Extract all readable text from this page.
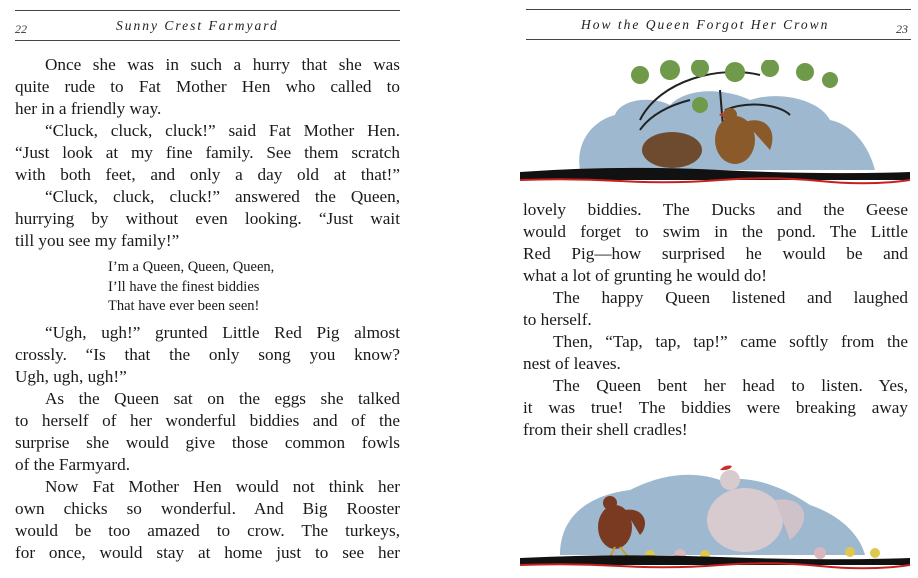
22	Sunny Crest Farmyard
Once she was in such a hurry that she was
quite rude to Fat Mother Hen who called to
her in a friendly way.
“Cluck, cluck, cluck!” said Fat Mother Hen.
“Just look at my fine family. See them scratch
with both feet, and only a day old at that!”
“Cluck, cluck, cluck!” answered the Queen,
hurrying by without even looking. “Just wait
till you see my family!”
I’m a Queen, Queen, Queen,
I’ll have the finest biddies
That have ever been seen!
“Ugh, ugh!” grunted Little Red Pig almost
crossly. “Is that the only song you know?
Ugh, ugh, ugh!”
As the Queen sat on the eggs she talked
to herself of her wonderful biddies and of the
surprise she would give those common fowls
of the Farmyard.
Now Fat Mother Hen would not think her
own chicks so wonderful. And Big Rooster
would be too amazed to crow. The turkeys,
for once, would stay at home just to see her
How the Queen Forgot Her Crown	23
lovely biddies. The Ducks and the Geese
would forget to swim in the pond. The Little
Red Pig—how surprised he would be and
what a lot of grunting he would do!
The happy Queen listened and laughed
to herself.
Then, “Tap, tap, tap!” came softly from the
nest of leaves.
The Queen bent her head to listen. Yes,
it was true! The biddies were breaking away
from their shell cradles!
